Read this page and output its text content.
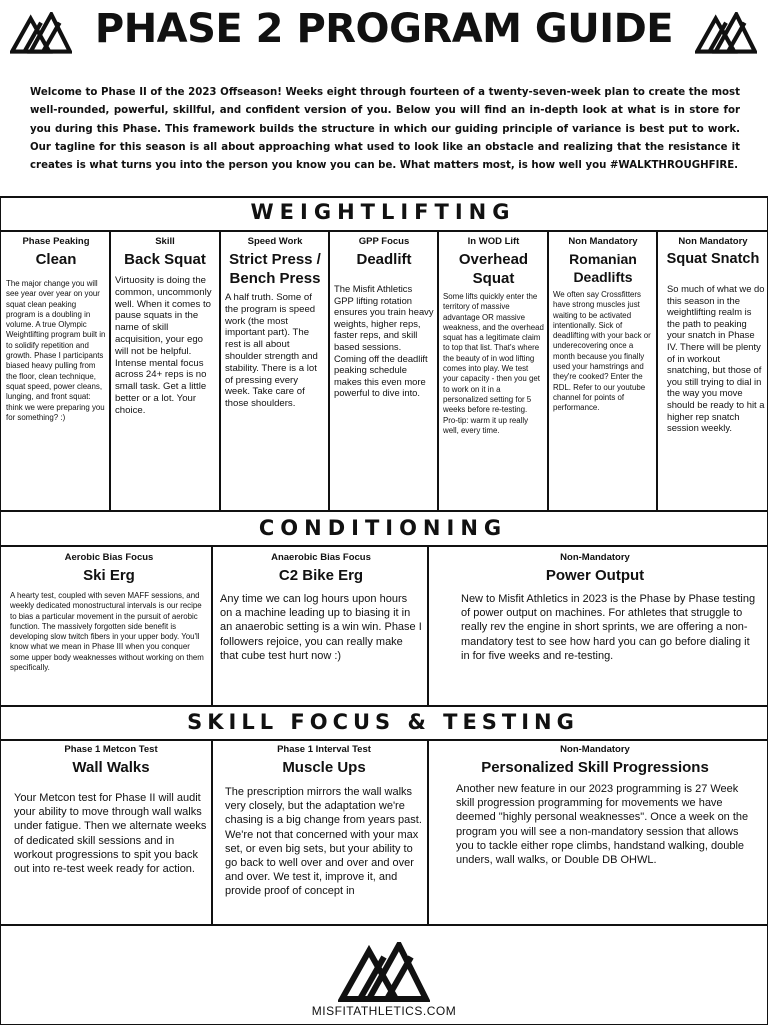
PHASE 2 PROGRAM GUIDE
Welcome to Phase II of the 2023 Offseason! Weeks eight through fourteen of a twenty-seven-week plan to create the most well-rounded, powerful, skillful, and confident version of you. Below you will find an in-depth look at what is in store for you during this Phase. This framework builds the structure in which our guiding principle of variance is best put to work. Our tagline for this season is all about approaching what used to look like an obstacle and realizing that the resistance it creates is what turns you into the person you know you can be. What matters most, is how well you #WALKTHROUGHFIRE.
WEIGHTLIFTING
Phase Peaking
Clean
The major change you will see year over year on your squat clean peaking program is a doubling in volume. A true Olympic Weightlifting program built in to solidify repetition and growth. Phase I participants biased heavy pulling from the floor, clean technique, squat speed, power cleans, lunging, and front squat: think we were preparing you for something? :)
Skill
Back Squat
Virtuosity is doing the common, uncommonly well. When it comes to pause squats in the name of skill acquisition, your ego will not be helpful. Intense mental focus across 24+ reps is no small task. Get a little better or a lot. Your choice.
Speed Work
Strict Press / Bench Press
A half truth. Some of the program is speed work (the most important part). The rest is all about shoulder strength and stability. There is a lot of pressing every week. Take care of those shoulders.
GPP Focus
Deadlift
The Misfit Athletics GPP lifting rotation ensures you train heavy weights, higher reps, faster reps, and skill based sessions. Coming off the deadlift peaking schedule makes this even more powerful to dive into.
In WOD Lift
Overhead Squat
Some lifts quickly enter the territory of massive advantage OR massive weakness, and the overhead squat has a legitimate claim to top that list. That's where the beauty of in wod lifting comes into play. We test your capacity - then you get to work on it in a personalized setting for 5 weeks before re-testing. Pro-tip: warm it up really well, every time.
Non Mandatory
Romanian Deadlifts
We often say Crossfitters have strong muscles just waiting to be activated intentionally. Sick of deadlifting with your back or underecovering once a month because you finally used your hamstrings and they're cooked? Enter the RDL. Refer to our youtube channel for points of performance.
Non Mandatory
Squat Snatch
So much of what we do this season in the weightlifting realm is the path to peaking your snatch in Phase IV. There will be plenty of in workout snatching, but those of you still trying to dial in the way you move should be ready to hit a higher rep snatch session weekly.
CONDITIONING
Aerobic Bias Focus
Ski Erg
A hearty test, coupled with seven MAFF sessions, and weekly dedicated monostructural intervals is our recipe to bias a particular movement in the pursuit of aerobic function. The massively forgotten side benefit is developing slow twitch fibers in your upper body. You'll know what we mean in Phase III when you conquer some upper body weaknesses without working on them specifically.
Anaerobic Bias Focus
C2 Bike Erg
Any time we can log hours upon hours on a machine leading up to biasing it in an anaerobic setting is a win win. Phase I followers rejoice, you can really make that cube test hurt now :)
Non-Mandatory
Power Output
New to Misfit Athletics in 2023 is the Phase by Phase testing of power output on machines. For athletes that struggle to really rev the engine in short sprints, we are offering a non-mandatory test to see how hard you can go before dialing it in for five weeks and re-testing.
SKILL FOCUS & TESTING
Phase 1 Metcon Test
Wall Walks
Your Metcon test for Phase II will audit your ability to move through wall walks under fatigue. Then we alternate weeks of dedicated skill sessions and in workout progressions to spit you back out into re-test week ready for action.
Phase 1 Interval Test
Muscle Ups
The prescription mirrors the wall walks very closely, but the adaptation we're chasing is a big change from years past. We're not that concerned with your max set, or even big sets, but your ability to go back to well over and over and over and over. We test it, improve it, and provide proof of concept in
Non-Mandatory
Personalized Skill Progressions
Another new feature in our 2023 programming is 27 Week skill progression programming for movements we have deemed "highly personal weaknesses". Once a week on the program you will see a non-mandatory session that allows you to tackle either rope climbs, handstand walking, double unders, wall walks, or Double DB OHWL.
MISFITATHLETICS.COM
